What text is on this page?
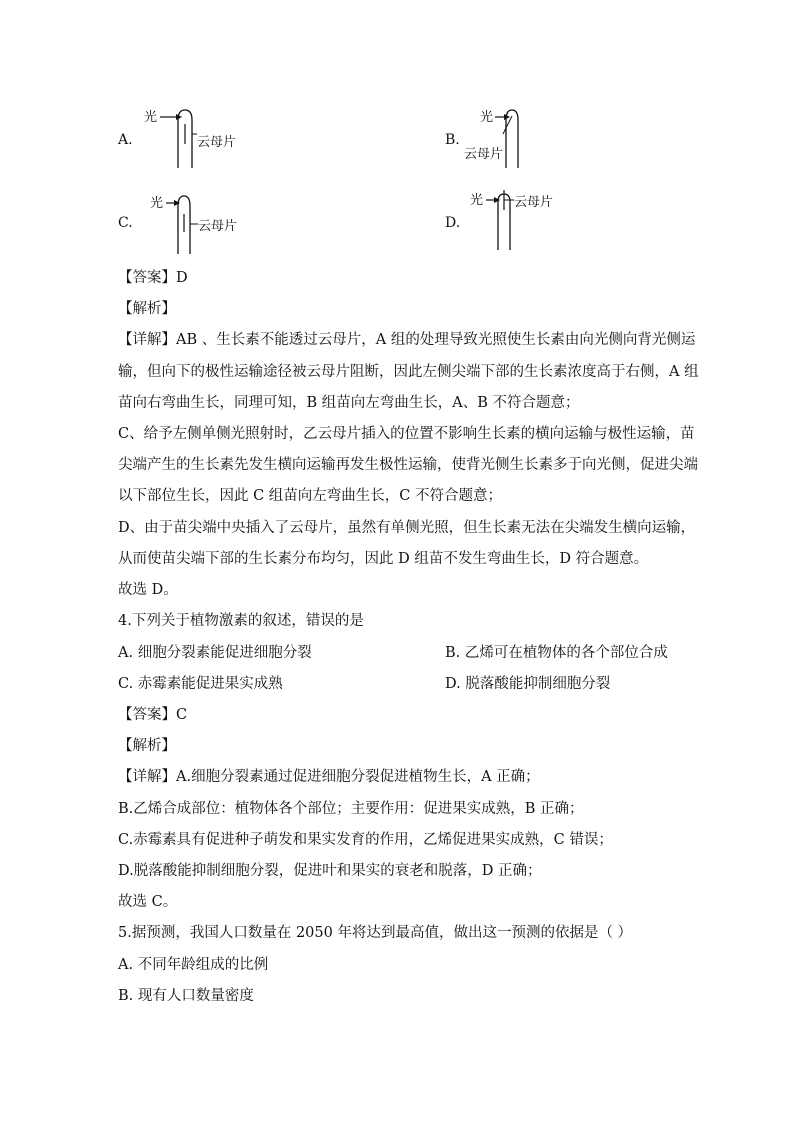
A.
光
云母片	B.
光
云母片
C.
光
云母片	D.
光 云母片
【答案】D
【解析】
【详解】AB 、生长素不能透过云母片，A 组的处理导致光照使生长素由向光侧向背光侧运
输，但向下的极性运输途径被云母片阻断，因此左侧尖端下部的生长素浓度高于右侧，A 组
苗向右弯曲生长，同理可知，B 组苗向左弯曲生长，A、B 不符合题意；
C、给予左侧单侧光照射时，乙云母片插入的位置不影响生长素的横向运输与极性运输，苗
尖端产生的生长素先发生横向运输再发生极性运输，使背光侧生长素多于向光侧，促进尖端
以下部位生长，因此 C 组苗向左弯曲生长，C 不符合题意；
D、由于苗尖端中央插入了云母片，虽然有单侧光照，但生长素无法在尖端发生横向运输，
从而使苗尖端下部的生长素分布均匀，因此 D 组苗不发生弯曲生长，D 符合题意。
故选 D。
4.下列关于植物激素的叙述，错误的是
A. 细胞分裂素能促进细胞分裂	B. 乙烯可在植物体的各个部位合成
C. 赤霉素能促进果实成熟	D. 脱落酸能抑制细胞分裂
【答案】C
【解析】
【详解】A.细胞分裂素通过促进细胞分裂促进植物生长，A 正确；
B.乙烯合成部位：植物体各个部位；主要作用：促进果实成熟，B 正确；
C.赤霉素具有促进种子萌发和果实发育的作用，乙烯促进果实成熟，C 错误；
D.脱落酸能抑制细胞分裂，促进叶和果实的衰老和脱落，D 正确；
故选 C。
5.据预测，我国人口数量在 2050 年将达到最高值，做出这一预测的依据是（ ）
A. 不同年龄组成的比例
B. 现有人口数量密度
